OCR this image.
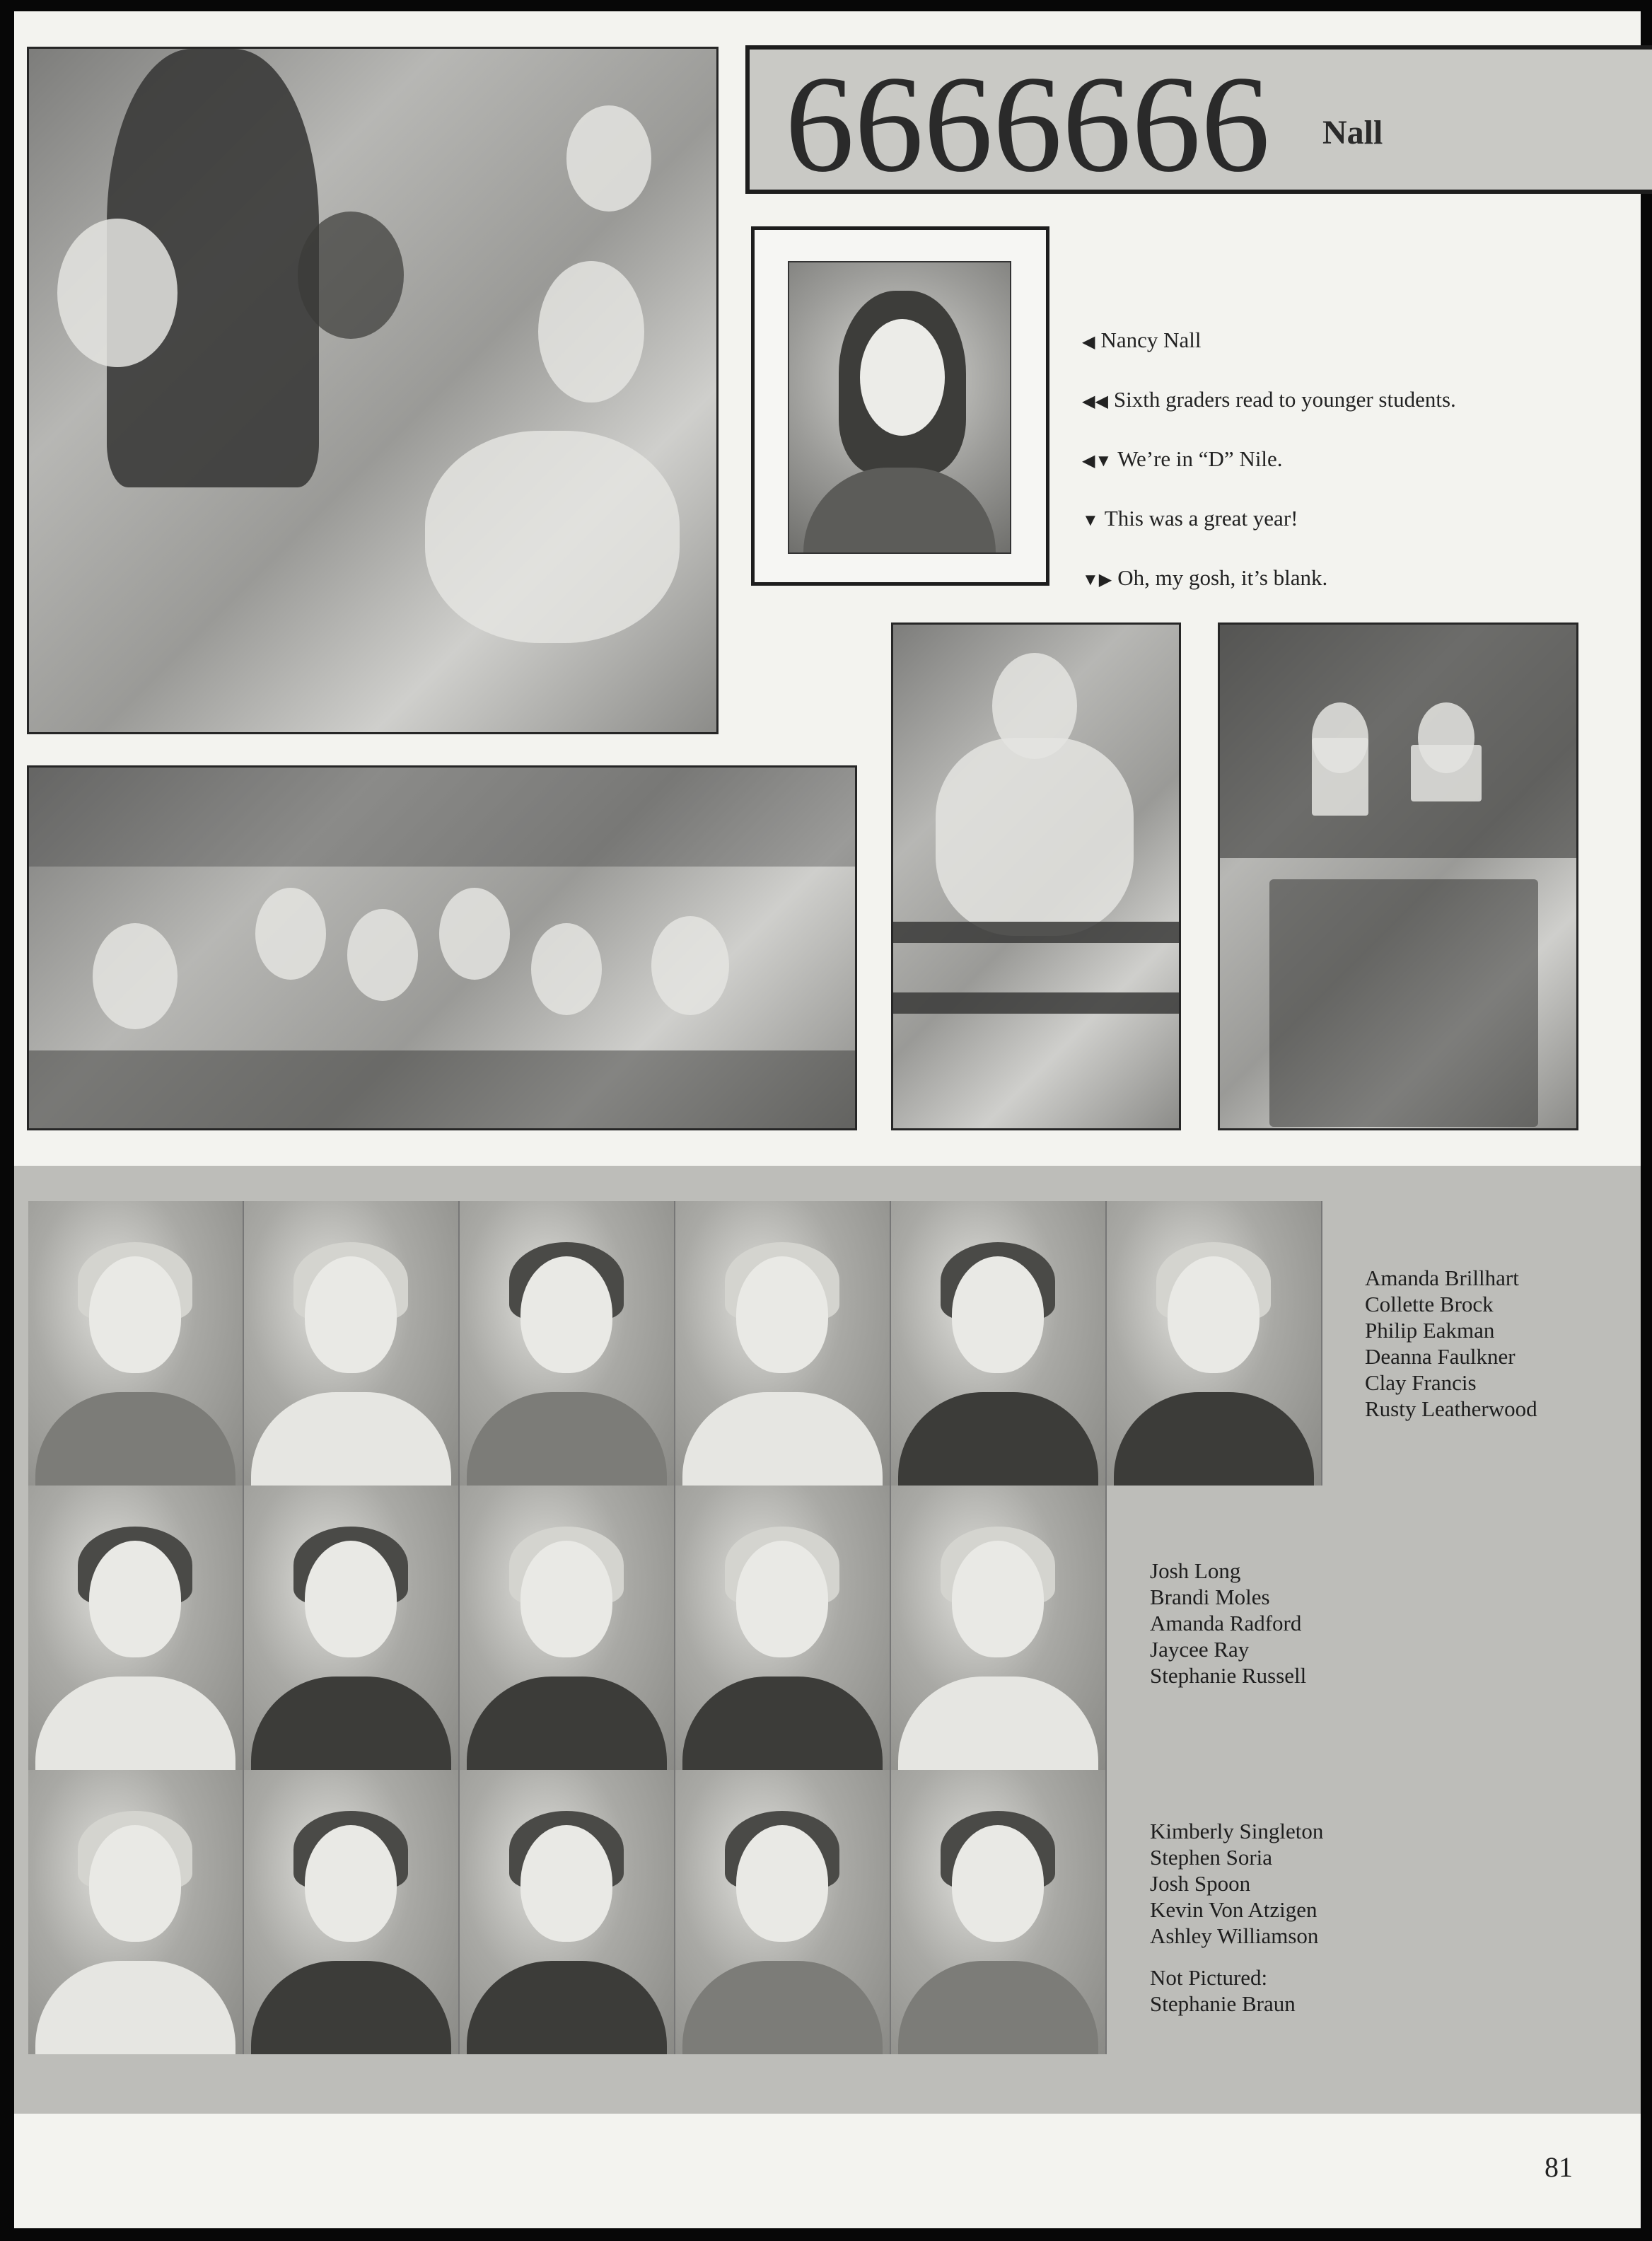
6666666 Nall
◀ Nancy Nall
◀◀ Sixth graders read to younger students.
◀▼ We’re in “D” Nile.
▼ This was a great year!
▼▶ Oh, my gosh, it’s blank.
Amanda Brillhart
Collette Brock
Philip Eakman
Deanna Faulkner
Clay Francis
Rusty Leatherwood
Josh Long
Brandi Moles
Amanda Radford
Jaycee Ray
Stephanie Russell
Kimberly Singleton
Stephen Soria
Josh Spoon
Kevin Von Atzigen
Ashley Williamson
Not Pictured:
Stephanie Braun
81
